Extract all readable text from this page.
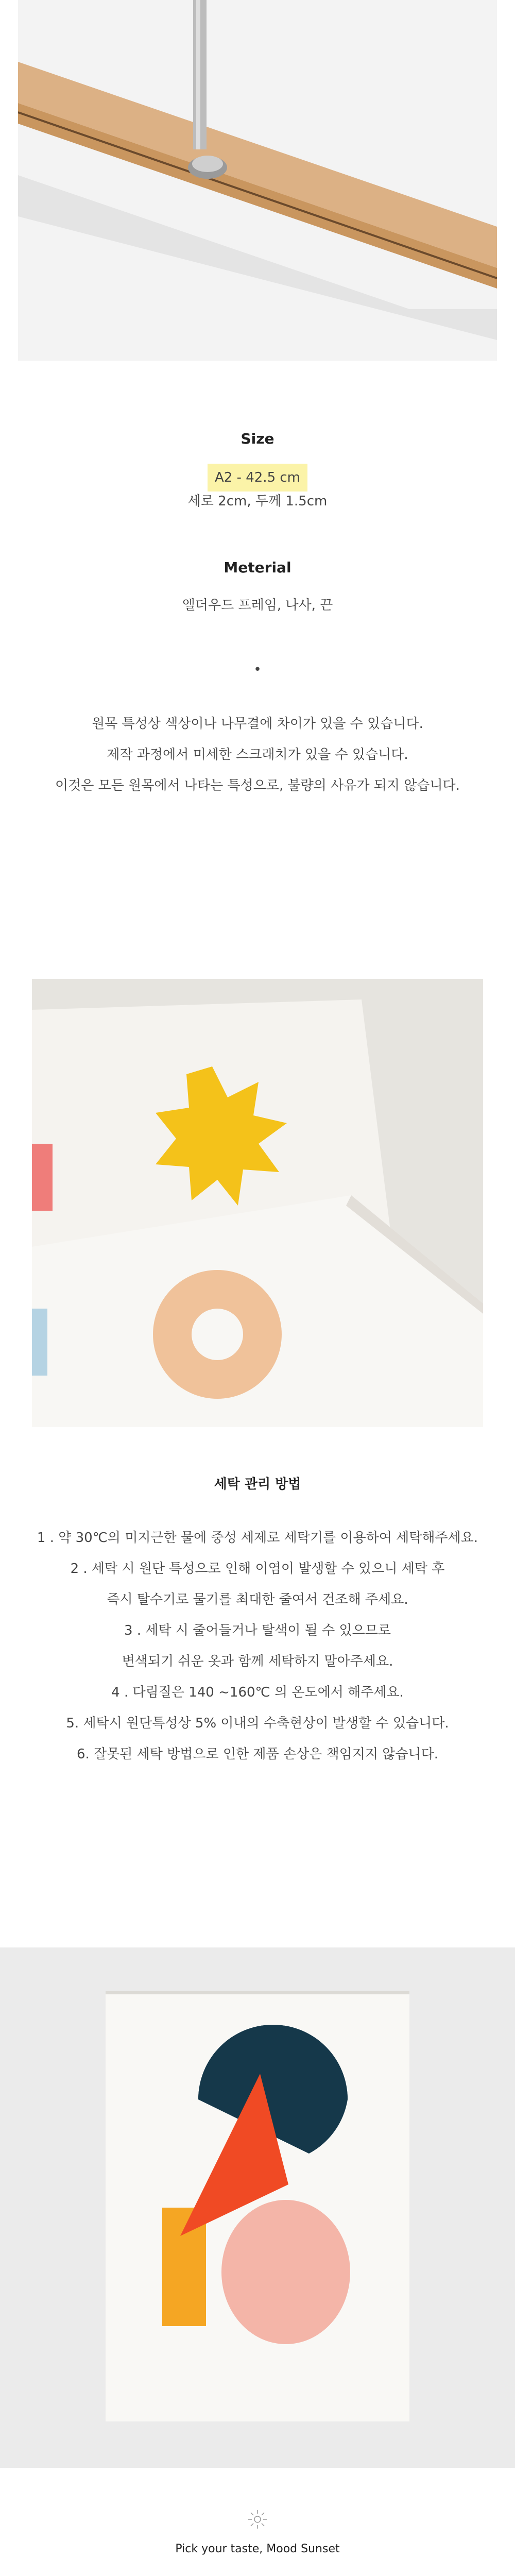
Size
A2 - 42.5 cm
세로 2cm, 두께 1.5cm
Meterial
엘더우드 프레임, 나사, 끈
•
원목 특성상 색상이나 나무결에 차이가 있을 수 있습니다.
제작 과정에서 미세한 스크래치가 있을 수 있습니다.
이것은 모든 원목에서 나타는 특성으로, 불량의 사유가 되지 않습니다.
세탁 관리 방법
1 . 약 30℃의 미지근한 물에 중성 세제로 세탁기를 이용하여 세탁해주세요.
2 . 세탁 시 원단 특성으로 인해 이염이 발생할 수 있으니 세탁 후
즉시 탈수기로 물기를 최대한 줄여서 건조해 주세요.
3 . 세탁 시 줄어들거나 탈색이 될 수 있으므로
변색되기 쉬운 옷과 함께 세탁하지 말아주세요.
4 . 다림질은 140 ~160℃ 의 온도에서 해주세요.
5. 세탁시 원단특성상 5% 이내의 수축현상이 발생할 수 있습니다.
6. 잘못된 세탁 방법으로 인한 제품 손상은 책임지지 않습니다.
Pick your taste, Mood Sunset
